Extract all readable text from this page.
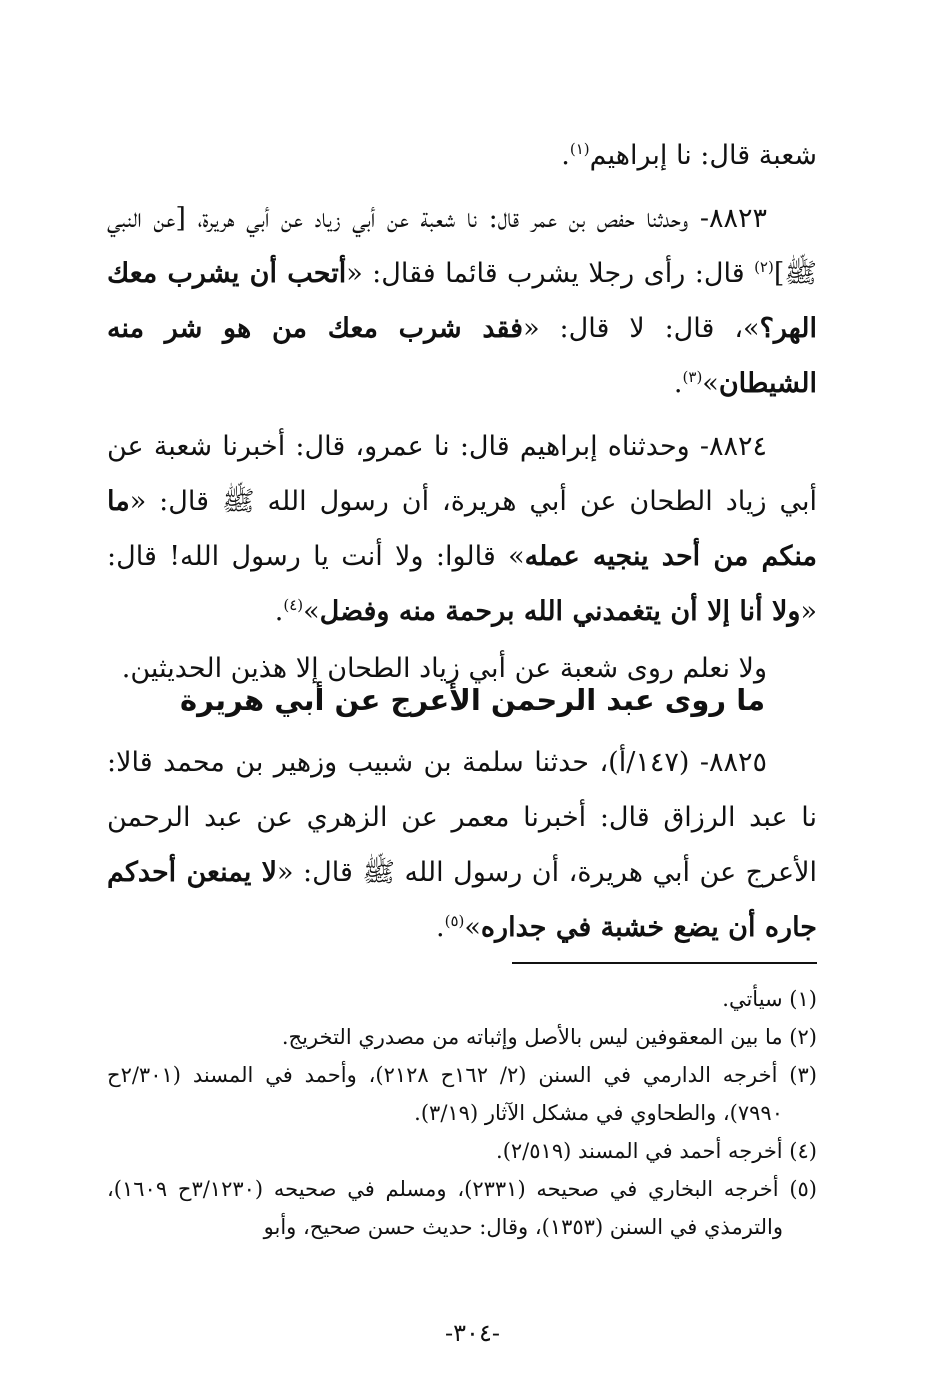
شعبة قال: نا إبراهيم$^{(١)}$.

٨٨٢٣- وحدثنا حفص بن عمر قال: نا شعبة عن أبي زياد عن أبي هريرة، [عن النبي ﷺ]$^{(٢)}$ قال: رأى رجلا يشرب قائما فقال: «أتحب أن يشرب معك الهر؟»، قال: لا قال: «فقد شرب معك من هو شر منه الشيطان»$^{(٣)}$.

٨٨٢٤- وحدثناه إبراهيم قال: نا عمرو، قال: أخبرنا شعبة عن أبي زياد الطحان عن أبي هريرة، أن رسول الله ﷺ قال: «ما منكم من أحد ينجيه عمله» قالوا: ولا أنت يا رسول الله! قال: «ولا أنا إلا أن يتغمدني الله برحمة منه وفضل»$^{(٤)}$.

ولا نعلم روى شعبة عن أبي زياد الطحان إلا هذين الحديثين.

ما روى عبد الرحمن الأعرج عن أبي هريرة

٨٨٢٥- (١٤٧/أ)، حدثنا سلمة بن شبيب وزهير بن محمد قالا: نا عبد الرزاق قال: أخبرنا معمر عن الزهري عن عبد الرحمن الأعرج عن أبي هريرة، أن رسول الله ﷺ قال: «لا يمنعن أحدكم جاره أن يضع خشبة في جداره»$^{(٥)}$.

(١) سيأتي.

(٢) ما بين المعقوفين ليس بالأصل وإثباته من مصدري التخريج.

(٣) أخرجه الدارمي في السنن (٢/ ١٦٢ح ٢١٢٨)، وأحمد في المسند (٢/٣٠١ح ٧٩٩٠)، والطحاوي في مشكل الآثار (٣/١٩).

(٤) أخرجه أحمد في المسند (٢/٥١٩).

(٥) أخرجه البخاري في صحيحه (٢٣٣١)، ومسلم في صحيحه (٣/١٢٣٠ح ١٦٠٩)، والترمذي في السنن (١٣٥٣)، وقال: حديث حسن صحيح، وأبو

-٣٠٤-
